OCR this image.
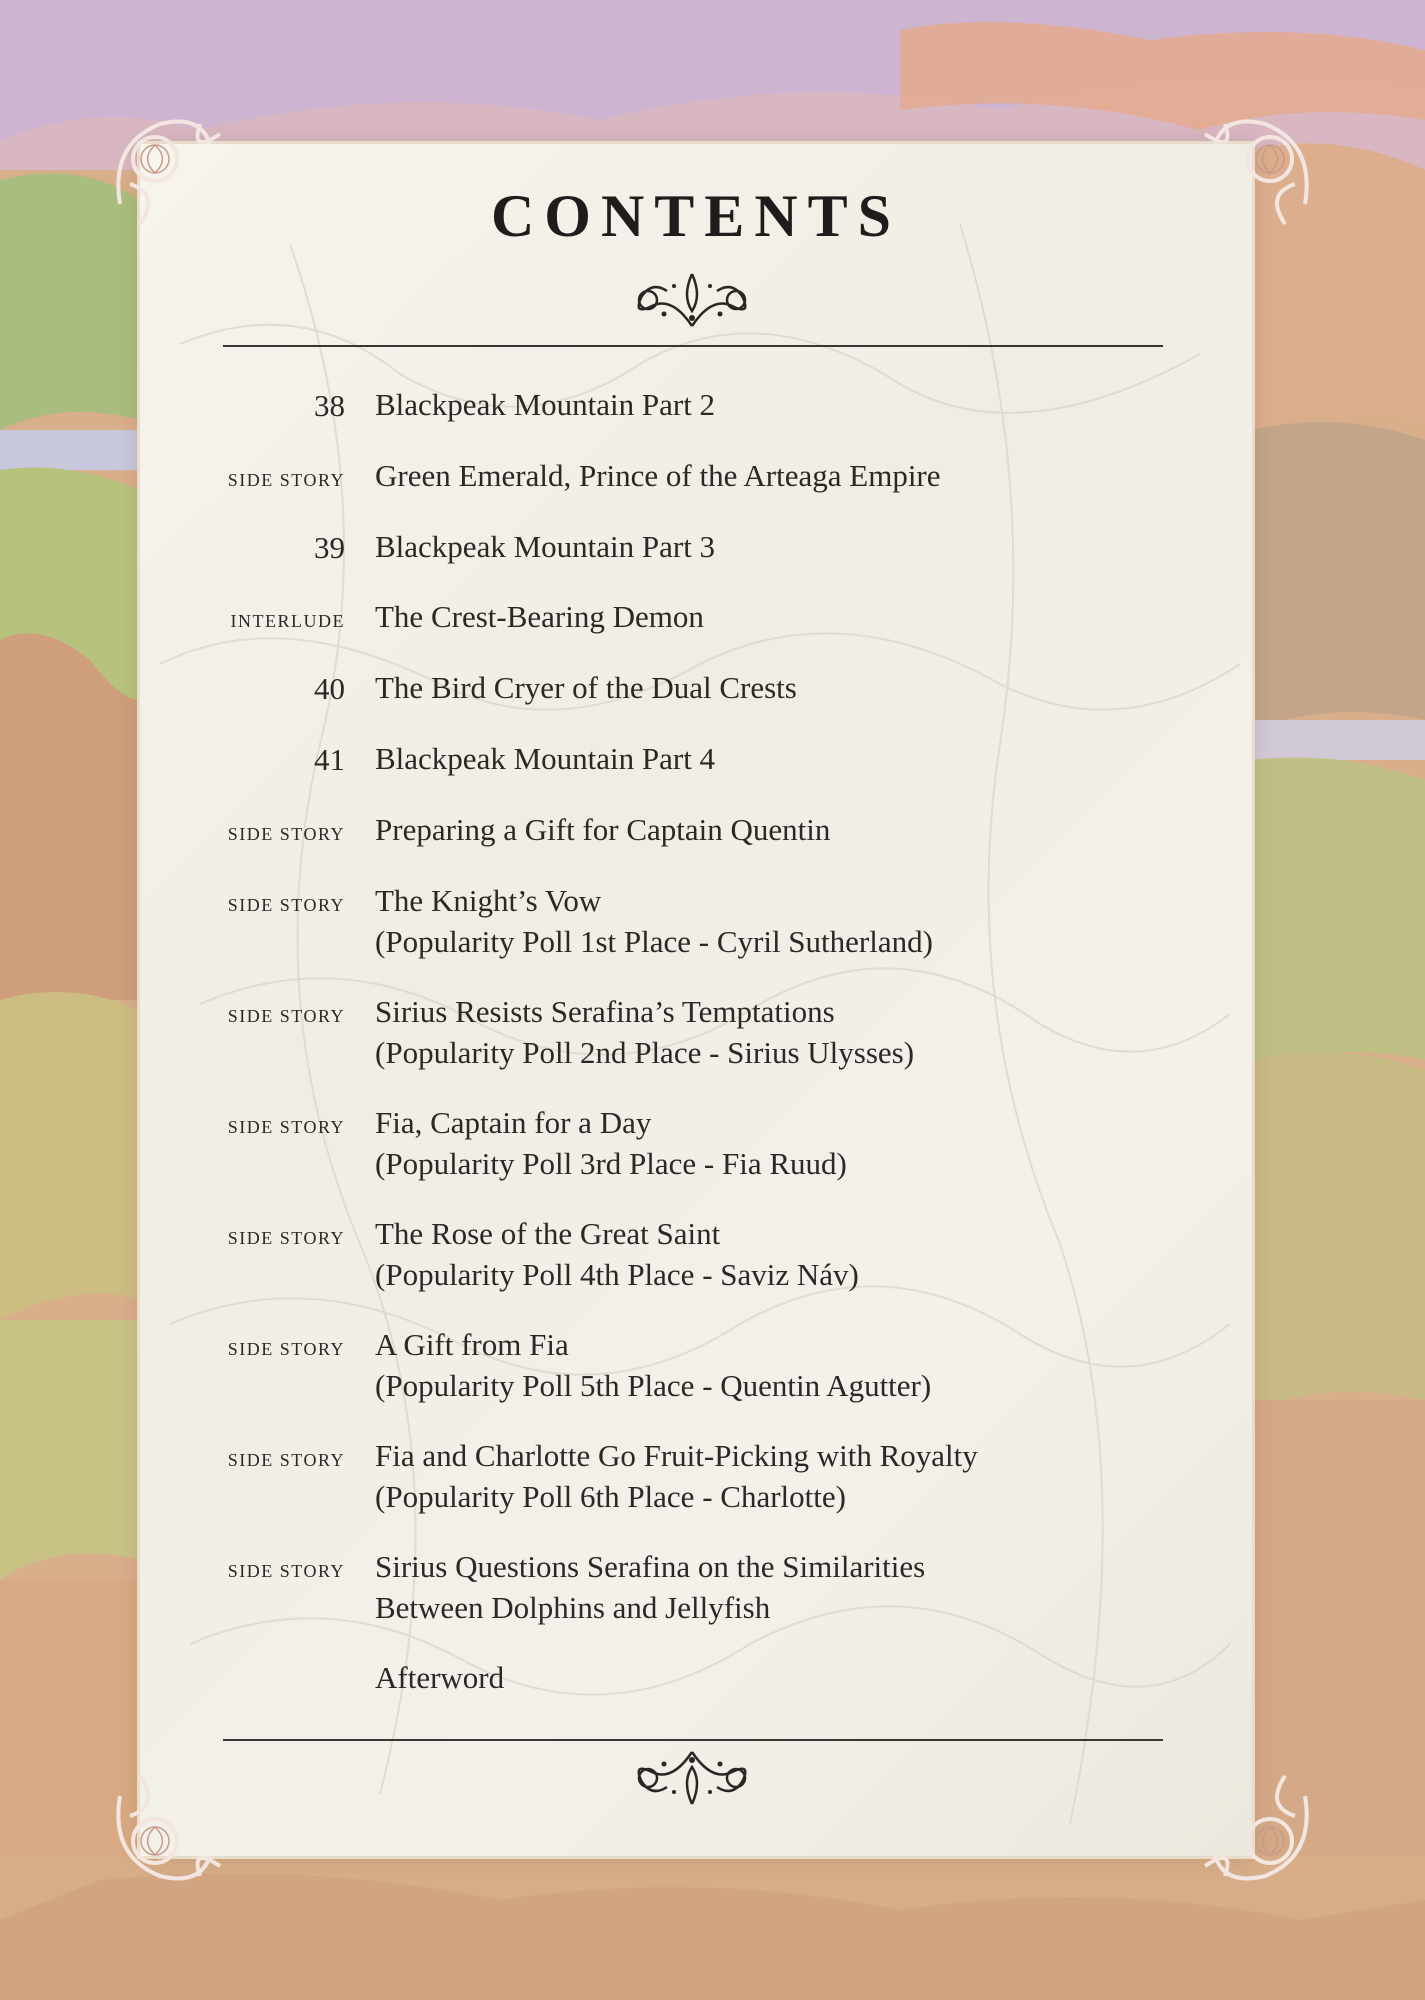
CONTENTS
38 Blackpeak Mountain Part 2
SIDE STORY Green Emerald, Prince of the Arteaga Empire
39 Blackpeak Mountain Part 3
INTERLUDE The Crest-Bearing Demon
40 The Bird Cryer of the Dual Crests
41 Blackpeak Mountain Part 4
SIDE STORY Preparing a Gift for Captain Quentin
SIDE STORY The Knight’s Vow
(Popularity Poll 1st Place - Cyril Sutherland)
SIDE STORY Sirius Resists Serafina’s Temptations
(Popularity Poll 2nd Place - Sirius Ulysses)
SIDE STORY Fia, Captain for a Day
(Popularity Poll 3rd Place - Fia Ruud)
SIDE STORY The Rose of the Great Saint
(Popularity Poll 4th Place - Saviz Náv)
SIDE STORY A Gift from Fia
(Popularity Poll 5th Place - Quentin Agutter)
SIDE STORY Fia and Charlotte Go Fruit-Picking with Royalty
(Popularity Poll 6th Place - Charlotte)
SIDE STORY Sirius Questions Serafina on the Similarities
Between Dolphins and Jellyfish
Afterword
